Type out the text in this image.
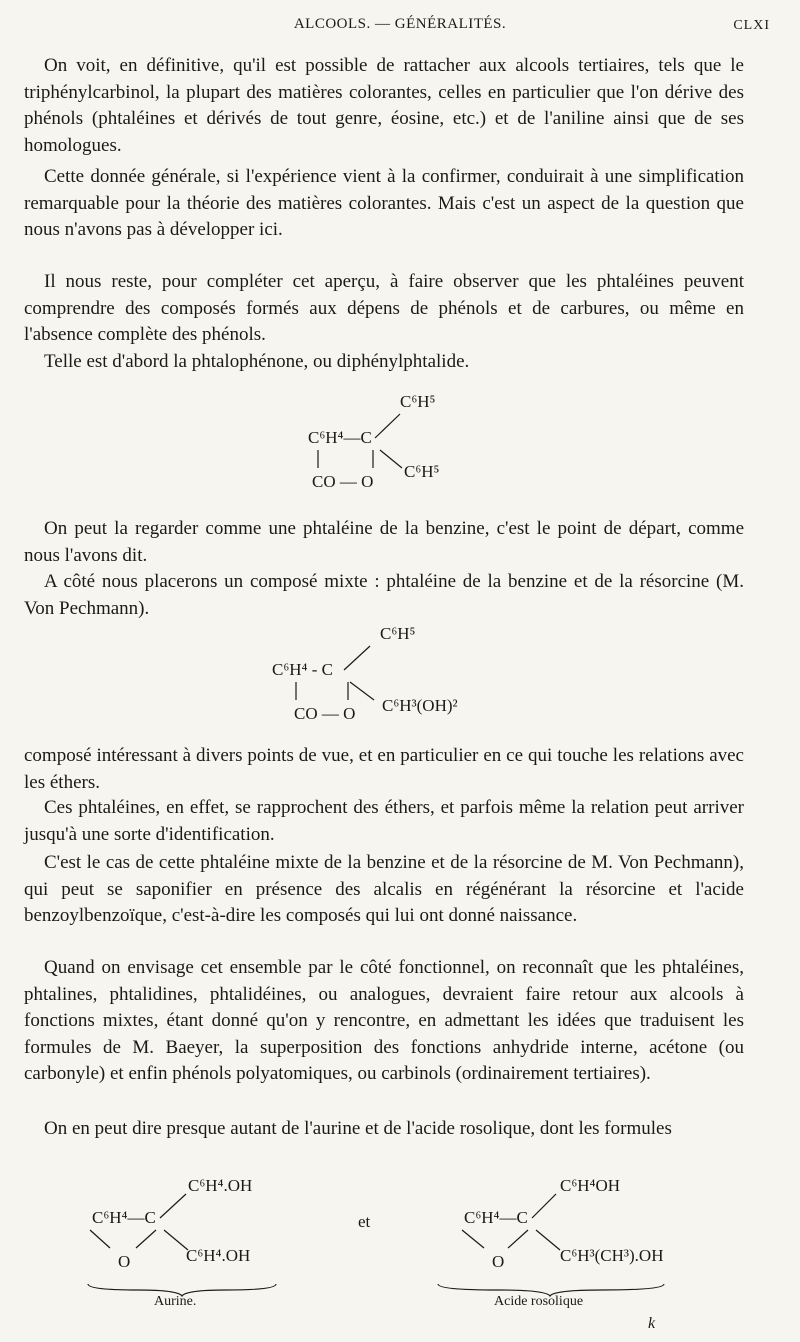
ALCOOLS. — GÉNÉRALITÉS.	CLXI

On voit, en définitive, qu'il est possible de rattacher aux alcools tertiaires, tels que le triphénylcarbinol, la plupart des matières colorantes, celles en particulier que l'on dérive des phénols (phtaléines et dérivés de tout genre, éosine, etc.) et de l'aniline ainsi que de ses homologues.

Cette donnée générale, si l'expérience vient à la confirmer, conduirait à une simplification remarquable pour la théorie des matières colorantes. Mais c'est un aspect de la question que nous n'avons pas à développer ici.

Il nous reste, pour compléter cet aperçu, à faire observer que les phtaléines peuvent comprendre des composés formés aux dépens de phénols et de carbures, ou même en l'absence complète des phénols.

Telle est d'abord la phtalophénone, ou diphénylphtalide.

C⁶H⁵
C⁶H⁴—C
CO — O
C⁶H⁵

On peut la regarder comme une phtaléine de la benzine, c'est le point de départ, comme nous l'avons dit.

A côté nous placerons un composé mixte : phtaléine de la benzine et de la résorcine (M. Von Pechmann).

C⁶H⁵
C⁶H⁴ - C
CO — O C⁶H³(OH)²

composé intéressant à divers points de vue, et en particulier en ce qui touche les relations avec les éthers.

Ces phtaléines, en effet, se rapprochent des éthers, et parfois même la relation peut arriver jusqu'à une sorte d'identification.

C'est le cas de cette phtaléine mixte de la benzine et de la résorcine de M. Von Pechmann), qui peut se saponifier en présence des alcalis en régénérant la résorcine et l'acide benzoylbenzoïque, c'est-à-dire les composés qui lui ont donné naissance.

Quand on envisage cet ensemble par le côté fonctionnel, on reconnaît que les phtaléines, phtalines, phtalidines, phtalidéines, ou analogues, devraient faire retour aux alcools à fonctions mixtes, étant donné qu'on y rencontre, en admettant les idées que traduisent les formules de M. Baeyer, la superposition des fonctions anhydride interne, acétone (ou carbonyle) et enfin phénols polyatomiques, ou carbinols (ordinairement tertiaires).

On en peut dire presque autant de l'aurine et de l'acide rosolique, dont les formules

C⁶H⁴.OH
C⁶H⁴—C
O	C⁶H⁴.OH
Aurine.
et
C⁶H⁴OH
C⁶H⁴—C
O	C⁶H³(CH³).OH
Acide rosolique
k
